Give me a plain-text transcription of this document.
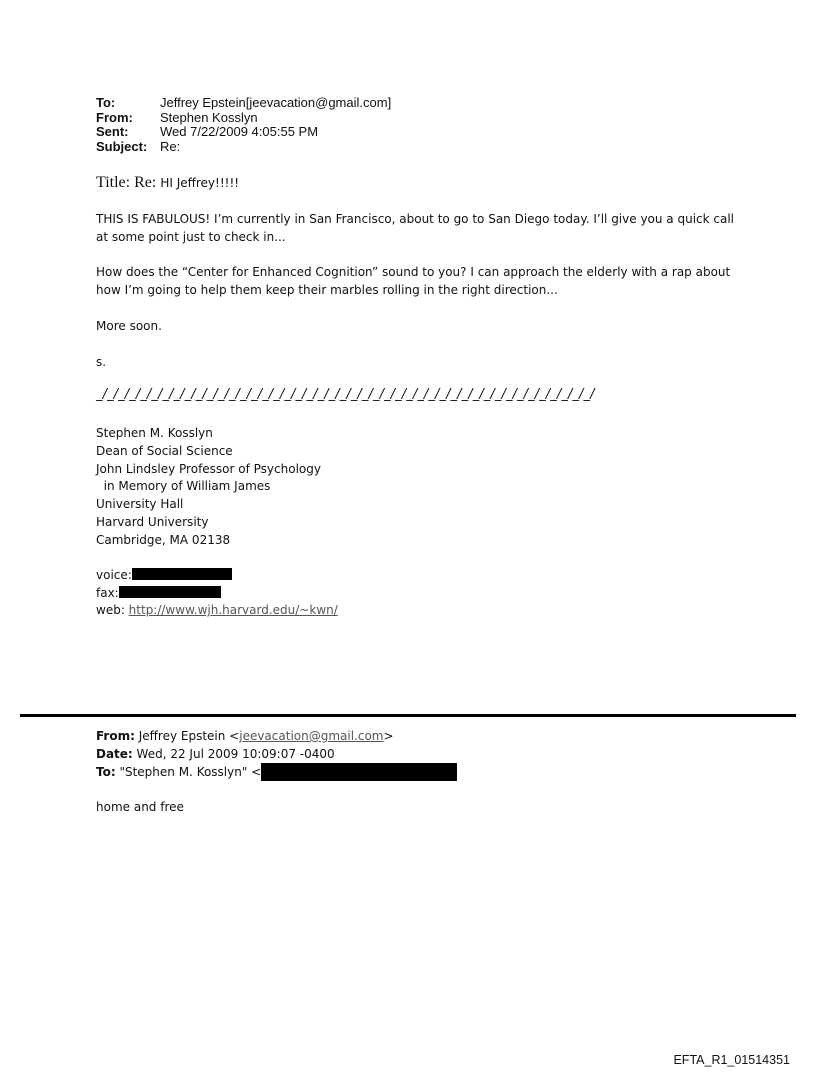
To:	Jeffrey Epstein[jeevacation@gmail.com]
From:	Stephen Kosslyn
Sent:	Wed 7/22/2009 4:05:55 PM
Subject: Re:
Title: Re: HI Jeffrey!!!!!
THIS IS FABULOUS! I’m currently in San Francisco, about to go to San Diego today. I’ll give you a quick call at some point just to check in...
How does the “Center for Enhanced Cognition” sound to you? I can approach the elderly with a rap about how I’m going to help them keep their marbles rolling in the right direction...
More soon.
s.
_/_/_/_/_/_/_/_/_/_/_/_/_/_/_/_/_/_/_/_/_/_/_/_/_/_/_/_/_/_/_/_/_/_/_/_/_/_/_/_/_/_/_/_/_/
Stephen M. Kosslyn
Dean of Social Science
John Lindsley Professor of Psychology
in Memory of William James
University Hall
Harvard University
Cambridge, MA 02138
voice:
fax:
web: http://www.wjh.harvard.edu/~kwn/
From: Jeffrey Epstein <jeevacation@gmail.com>
Date: Wed, 22 Jul 2009 10:09:07 -0400
To: "Stephen M. Kosslyn" <
home and free
EFTA_R1_01514351
